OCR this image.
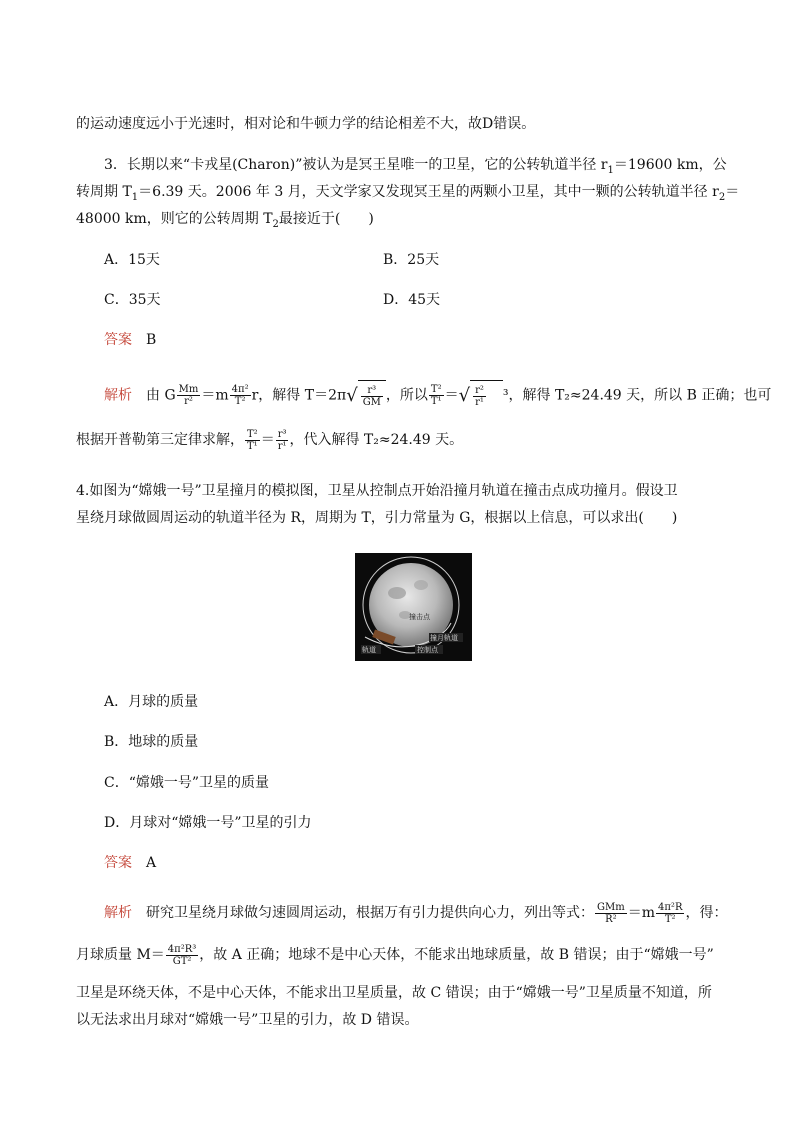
的运动速度远小于光速时，相对论和牛顿力学的结论相差不大，故D错误。
3．长期以来“卡戎星(Charon)”被认为是冥王星唯一的卫星，它的公转轨道半径 $r_1=19600$ km，公
转周期 $T_1=6.39$ 天。2006 年 3 月，天文学家又发现冥王星的两颗小卫星，其中一颗的公转轨道半径 $r_2=$
48000 km，则它的公转周期 $T_2$最接近于(　　)
A．15天	B．25天
C．35天	D．45天
答案　 B
解析　 由 G $\frac{Mm}{\text{r²}} =m \frac{\text{4π²}}{\text{T²}}$ r，解得 $T=2\pi√ \frac{\text{r³}}{GM}$ ，所以 $\frac{\text{T²}}{\text{T¹}}$ ＝√ $\frac{\text{r²}}{\text{r¹}}$
　 ³，解得 T₂≈24.49 天，所以 B 正确；也可
根据开普勒第三定律求解， $\frac{\text{T²}}{\text{T¹}} = \frac{\text{r³}}{\text{r¹}}$ ，代入解得 T₂≈24.49 天。
4.如图为“嫦娥一号”卫星撞月的模拟图，卫星从控制点开始沿撞月轨道在撞击点成功撞月。假设卫
星绕月球做圆周运动的轨道半径为 R，周期为 T，引力常量为 G，根据以上信息，可以求出(　　)
撞击点
撞月轨道
控制点
轨道
A．月球的质量
B．地球的质量
C．“嫦娥一号”卫星的质量
D．月球对“嫦娥一号”卫星的引力
答案　 A
解析　 研究卫星绕月球做匀速圆周运动，根据万有引力提供向心力，列出等式： $\frac{\text{GMm}}{\text{R²}} =m \frac{\text{4π²R}}{\text{T²}}$ ，得：
月球质量 $M= \frac{\text{4π²R³}}{\text{GT²}}$ ，故 A 正确；地球不是中心天体，不能求出地球质量，故 B 错误；由于“嫦娥一号”
卫星是环绕天体，不是中心天体，不能求出卫星质量，故 C 错误；由于“嫦娥一号”卫星质量不知道，所
以无法求出月球对“嫦娥一号”卫星的引力，故 D 错误。
